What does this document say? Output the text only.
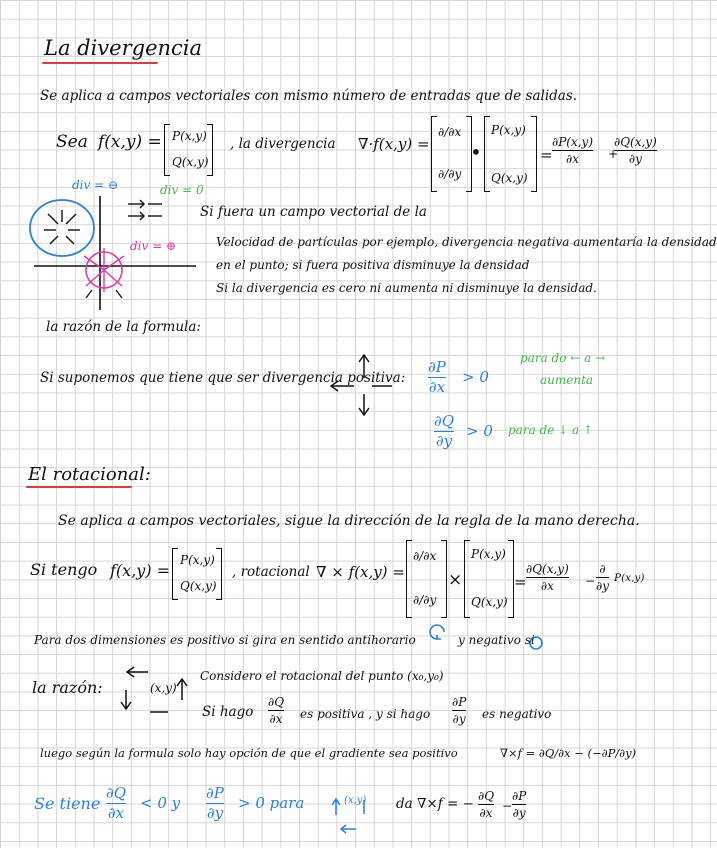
La divergencia
Se aplica a campos vectoriales con mismo número de entradas que de salidas.
Sea f(x,y) = P(x,y)
Q(x,y)
, la divergencia ∇·f(x,y) =
∂/∂x
∂/∂y
•
P(x,y)
Q(x,y)
=
∂P(x,y)
∂x +
∂Q(x,y)
∂y
div = ⊖	div = 0
div = ⊕
Si fuera un campo vectorial de la
Velocidad de partículas por ejemplo, divergencia negativa aumentaría la densidad
en el punto; si fuera positiva disminuye la densidad
Si la divergencia es cero ni aumenta ni disminuye la densidad.
la razón de la formula:
Si suponemos que tiene que ser divergencia positiva:
∂P
∂x
> 0
para do ← a →
aumenta
∂Q
∂y
> 0 para de ↓ a ↑
El rotacional:
Se aplica a campos vectoriales, sigue la dirección de la regla de la mano derecha.
Si tengo f(x,y) =
P(x,y)
Q(x,y)
, rotacional ∇ × f(x,y) =
∂/∂x
∂/∂y
×
P(x,y)
Q(x,y)
=
∂Q(x,y)
∂x	−
∂
∂y
P(x,y)
Para dos dimensiones es positivo si gira en sentido antihorario	y negativo si
la razón:	(x,y)
Considero el rotacional del punto (x₀,y₀)
Si hago
∂Q
∂x es positiva , y si hago
∂P
∂y es negativo
luego según la formula solo hay opción de que el gradiente sea positivo	∇×f = ∂Q/∂x − (−∂P/∂y)
Se tiene
∂Q
∂x
< 0 y
∂P
∂y
> 0 para	(x,y) da ∇×f = − ∂Q
∂x −
∂P
∂y
